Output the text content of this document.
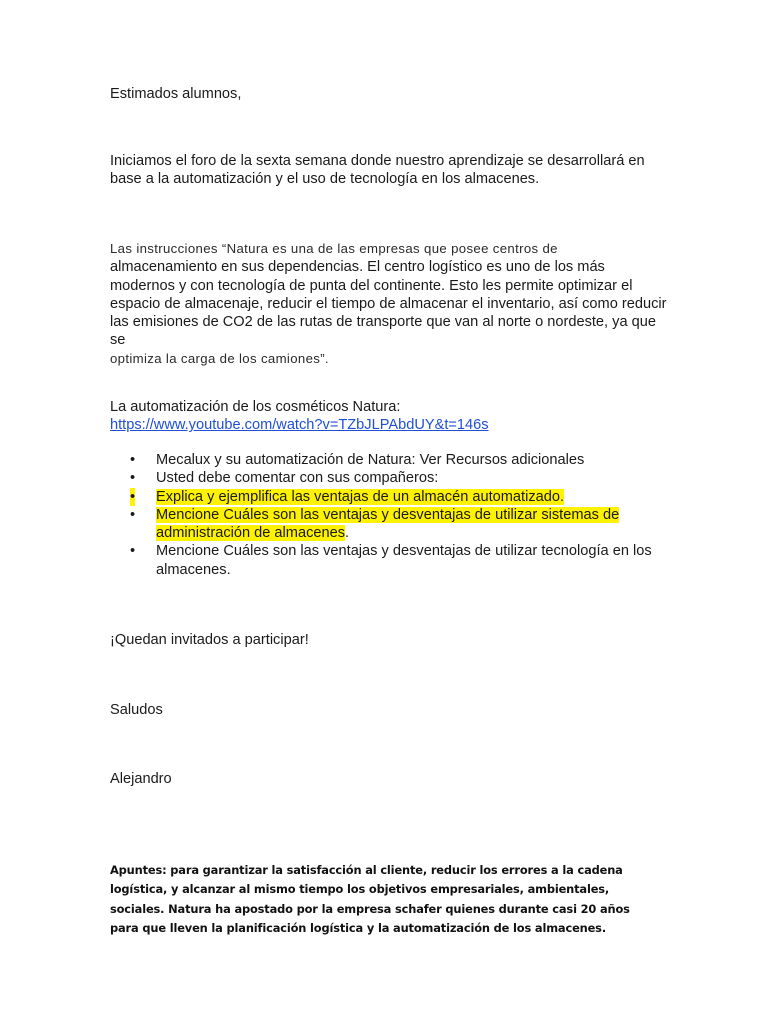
Estimados alumnos,

Iniciamos el foro de la sexta semana donde nuestro aprendizaje se desarrollará en base a la automatización y el uso de tecnología en los almacenes.

Las instrucciones “Natura es una de las empresas que posee centros de
almacenamiento en sus dependencias. El centro logístico es uno de los más modernos y con tecnología de punta del continente. Esto les permite optimizar el espacio de almacenaje, reducir el tiempo de almacenar el inventario, así como reducir las emisiones de CO2 de las rutas de transporte que van al norte o nordeste, ya que se
optimiza la carga de los camiones”.

La automatización de los cosméticos Natura:
https://www.youtube.com/watch?v=TZbJLPAbdUY&t=146s
• Mecalux y su automatización de Natura: Ver Recursos adicionales
• Usted debe comentar con sus compañeros:
• Explica y ejemplifica las ventajas de un almacén automatizado.
• Mencione Cuáles son las ventajas y desventajas de utilizar sistemas de administración de almacenes.
• Mencione Cuáles son las ventajas y desventajas de utilizar tecnología en los almacenes.

¡Quedan invitados a participar!

Saludos

Alejandro

Apuntes: para garantizar la satisfacción al cliente, reducir los errores a la cadena logística, y alcanzar al mismo tiempo los objetivos empresariales, ambientales, sociales. Natura ha apostado por la empresa schafer quienes durante casi 20 años para que lleven la planificación logística y la automatización de los almacenes.
